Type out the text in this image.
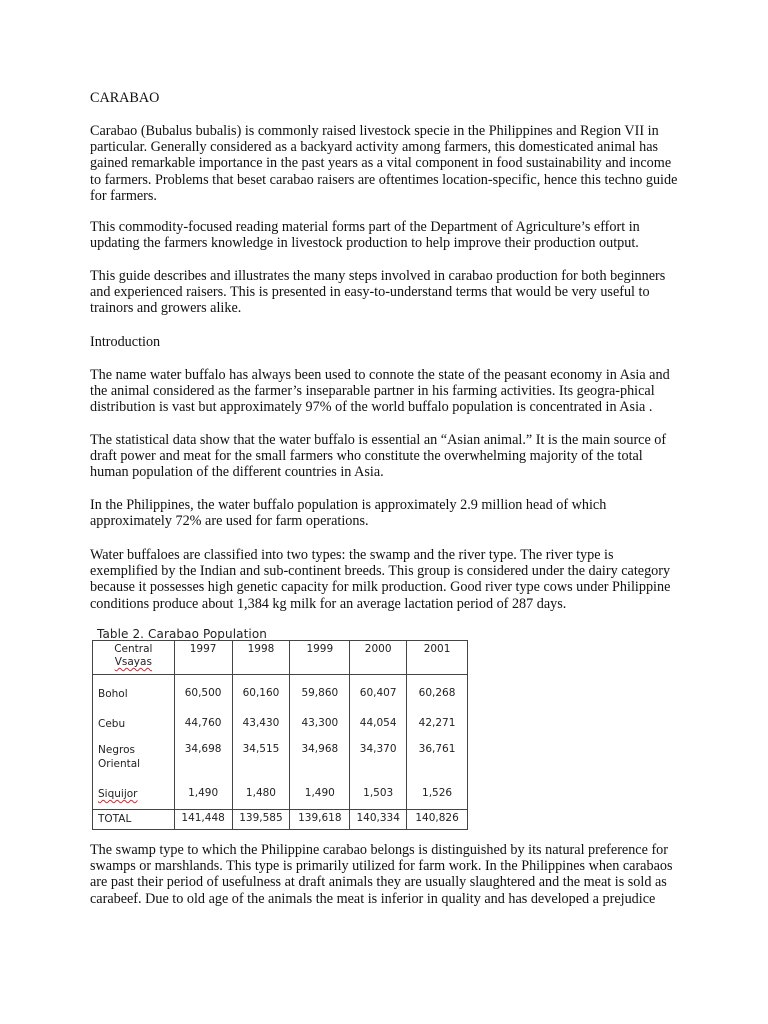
CARABAO

Carabao (Bubalus bubalis) is commonly raised livestock specie in the Philippines and Region VII in particular. Generally considered as a backyard activity among farmers, this domesticated animal has gained remarkable importance in the past years as a vital component in food sustainability and income to farmers. Problems that beset carabao raisers are oftentimes location-specific, hence this techno guide for farmers.

This commodity-focused reading material forms part of the Department of Agriculture’s effort in updating the farmers knowledge in livestock production to help improve their production output.

This guide describes and illustrates the many steps involved in carabao production for both beginners and experienced raisers. This is presented in easy-to-understand terms that would be very useful to trainors and growers alike.

Introduction

The name water buffalo has always been used to connote the state of the peasant economy in Asia and the animal considered as the farmer’s inseparable partner in his farming activities. Its geogra-phical distribution is vast but approximately 97% of the world buffalo population is concentrated in Asia .

The statistical data show that the water buffalo is essential an “Asian animal.” It is the main source of draft power and meat for the small farmers who constitute the overwhelming majority of the total human population of the different countries in Asia.

In the Philippines, the water buffalo population is approximately 2.9 million head of which approximately 72% are used for farm operations.

Water buffaloes are classified into two types: the swamp and the river type. The river type is exemplified by the Indian and sub-continent breeds. This group is considered under the dairy category because it possesses high genetic capacity for milk production. Good river type cows under Philippine conditions produce about 1,384 kg milk for an average lactation period of 287 days.

Table 2. Carabao Population
Central
Vsayas	1997	1998	1999	2000	2001
Bohol	60,500	60,160	59,860	60,407	60,268
Cebu	44,760	43,430	43,300	44,054	42,271
Negros
Oriental	34,698	34,515	34,968	34,370	36,761
Siquijor	1,490	1,480	1,490	1,503	1,526
TOTAL	141,448	139,585	139,618	140,334	140,826

The swamp type to which the Philippine carabao belongs is distinguished by its natural preference for swamps or marshlands. This type is primarily utilized for farm work. In the Philippines when carabaos are past their period of usefulness at draft animals they are usually slaughtered and the meat is sold as carabeef. Due to old age of the animals the meat is inferior in quality and has developed a prejudice
